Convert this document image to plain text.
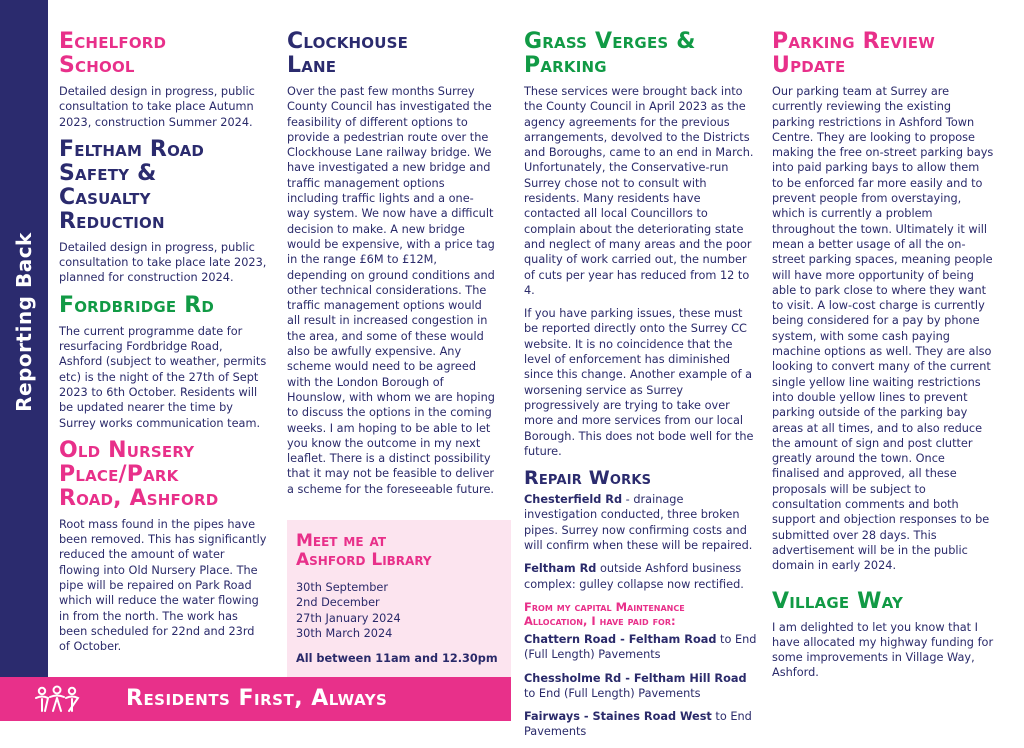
Reporting Back
Echelford
School

Detailed design in progress, public consultation to take place Autumn 2023, construction Summer 2024.

Feltham Road
Safety &
Casualty
Reduction

Detailed design in progress, public consultation to take place late 2023, planned for construction 2024.

Fordbridge Rd

The current programme date for resurfacing Fordbridge Road, Ashford (subject to weather, permits etc) is the night of the 27th of Sept 2023 to 6th October. Residents will be updated nearer the time by Surrey works communication team.

Old Nursery
Place/Park
Road, Ashford

Root mass found in the pipes have been removed. This has significantly reduced the amount of water flowing into Old Nursery Place. The pipe will be repaired on Park Road which will reduce the water flowing in from the north. The work has been scheduled for 22nd and 23rd of October.

Clockhouse
Lane

Over the past few months Surrey County Council has investigated the feasibility of different options to provide a pedestrian route over the Clockhouse Lane railway bridge. We have investigated a new bridge and traffic management options including traffic lights and a one-way system. We now have a difficult decision to make. A new bridge would be expensive, with a price tag in the range £6M to £12M, depending on ground conditions and other technical considerations. The traffic management options would all result in increased congestion in the area, and some of these would also be awfully expensive. Any scheme would need to be agreed with the London Borough of Hounslow, with whom we are hoping to discuss the options in the coming weeks. I am hoping to be able to let you know the outcome in my next leaflet. There is a distinct possibility that it may not be feasible to deliver a scheme for the foreseeable future.

Meet me at
Ashford Library

30th September

2nd December

27th January 2024

30th March 2024

All between 11am and 12.30pm

Grass Verges &
Parking

These services were brought back into the County Council in April 2023 as the agency agreements for the previous arrangements, devolved to the Districts and Boroughs, came to an end in March. Unfortunately, the Conservative-run Surrey chose not to consult with residents. Many residents have contacted all local Councillors to complain about the deteriorating state and neglect of many areas and the poor quality of work carried out, the number of cuts per year has reduced from 12 to 4.

If you have parking issues, these must be reported directly onto the Surrey CC website. It is no coincidence that the level of enforcement has diminished since this change. Another example of a worsening service as Surrey progressively are trying to take over more and more services from our local Borough. This does not bode well for the future.

Repair Works

Chesterfield Rd - drainage investigation conducted, three broken pipes. Surrey now confirming costs and will confirm when these will be repaired.

Feltham Rd outside Ashford business complex: gulley collapse now rectified.

From my capital Maintenance
Allocation, I have paid for:

Chattern Road - Feltham Road to End (Full Length) Pavements

Chessholme Rd - Feltham Hill Road to End (Full Length) Pavements

Fairways - Staines Road West to End Pavements

Parking Review
Update

Our parking team at Surrey are currently reviewing the existing parking restrictions in Ashford Town Centre. They are looking to propose making the free on-street parking bays into paid parking bays to allow them to be enforced far more easily and to prevent people from overstaying, which is currently a problem throughout the town. Ultimately it will mean a better usage of all the on-street parking spaces, meaning people will have more opportunity of being able to park close to where they want to visit. A low-cost charge is currently being considered for a pay by phone system, with some cash paying machine options as well. They are also looking to convert many of the current single yellow line waiting restrictions into double yellow lines to prevent parking outside of the parking bay areas at all times, and to also reduce the amount of sign and post clutter greatly around the town. Once finalised and approved, all these proposals will be subject to consultation comments and both support and objection responses to be submitted over 28 days. This advertisement will be in the public domain in early 2024.

Village Way

I am delighted to let you know that I have allocated my highway funding for some improvements in Village Way, Ashford.

Residents First, Always
